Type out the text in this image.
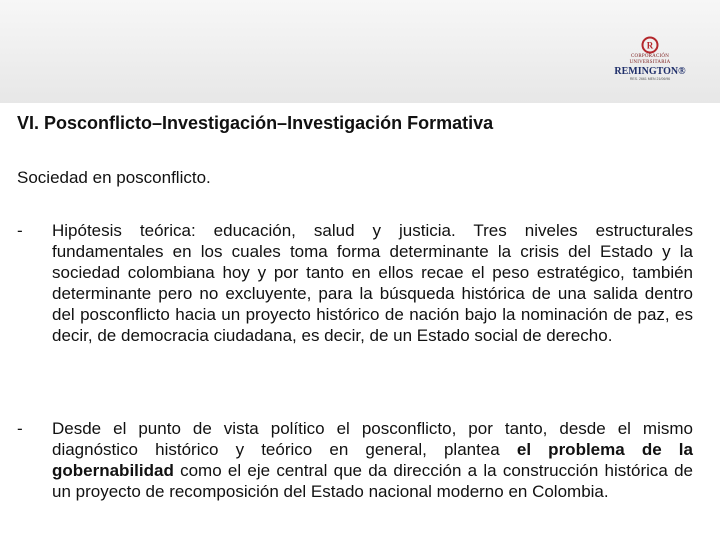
R
CORPORACIÓN
UNIVERSITARIA
REMINGTON®
RES. 2661 MEN 21/06/96
VI. Posconflicto–Investigación–Investigación Formativa
Sociedad en posconflicto.
- Hipótesis teórica: educación, salud y justicia. Tres niveles estructurales fundamentales en los cuales toma forma determinante la crisis del Estado y la sociedad colombiana hoy y por tanto en ellos recae el peso estratégico, también determinante pero no excluyente, para la búsqueda histórica de una salida dentro del posconflicto hacia un proyecto histórico de nación bajo la nominación de paz, es decir, de democracia ciudadana, es decir, de un Estado social de derecho.
- Desde el punto de vista político el posconflicto, por tanto, desde el mismo diagnóstico histórico y teórico en general, plantea el problema de la gobernabilidad como el eje central que da dirección a la construcción histórica de un proyecto de recomposición del Estado nacional moderno en Colombia.
